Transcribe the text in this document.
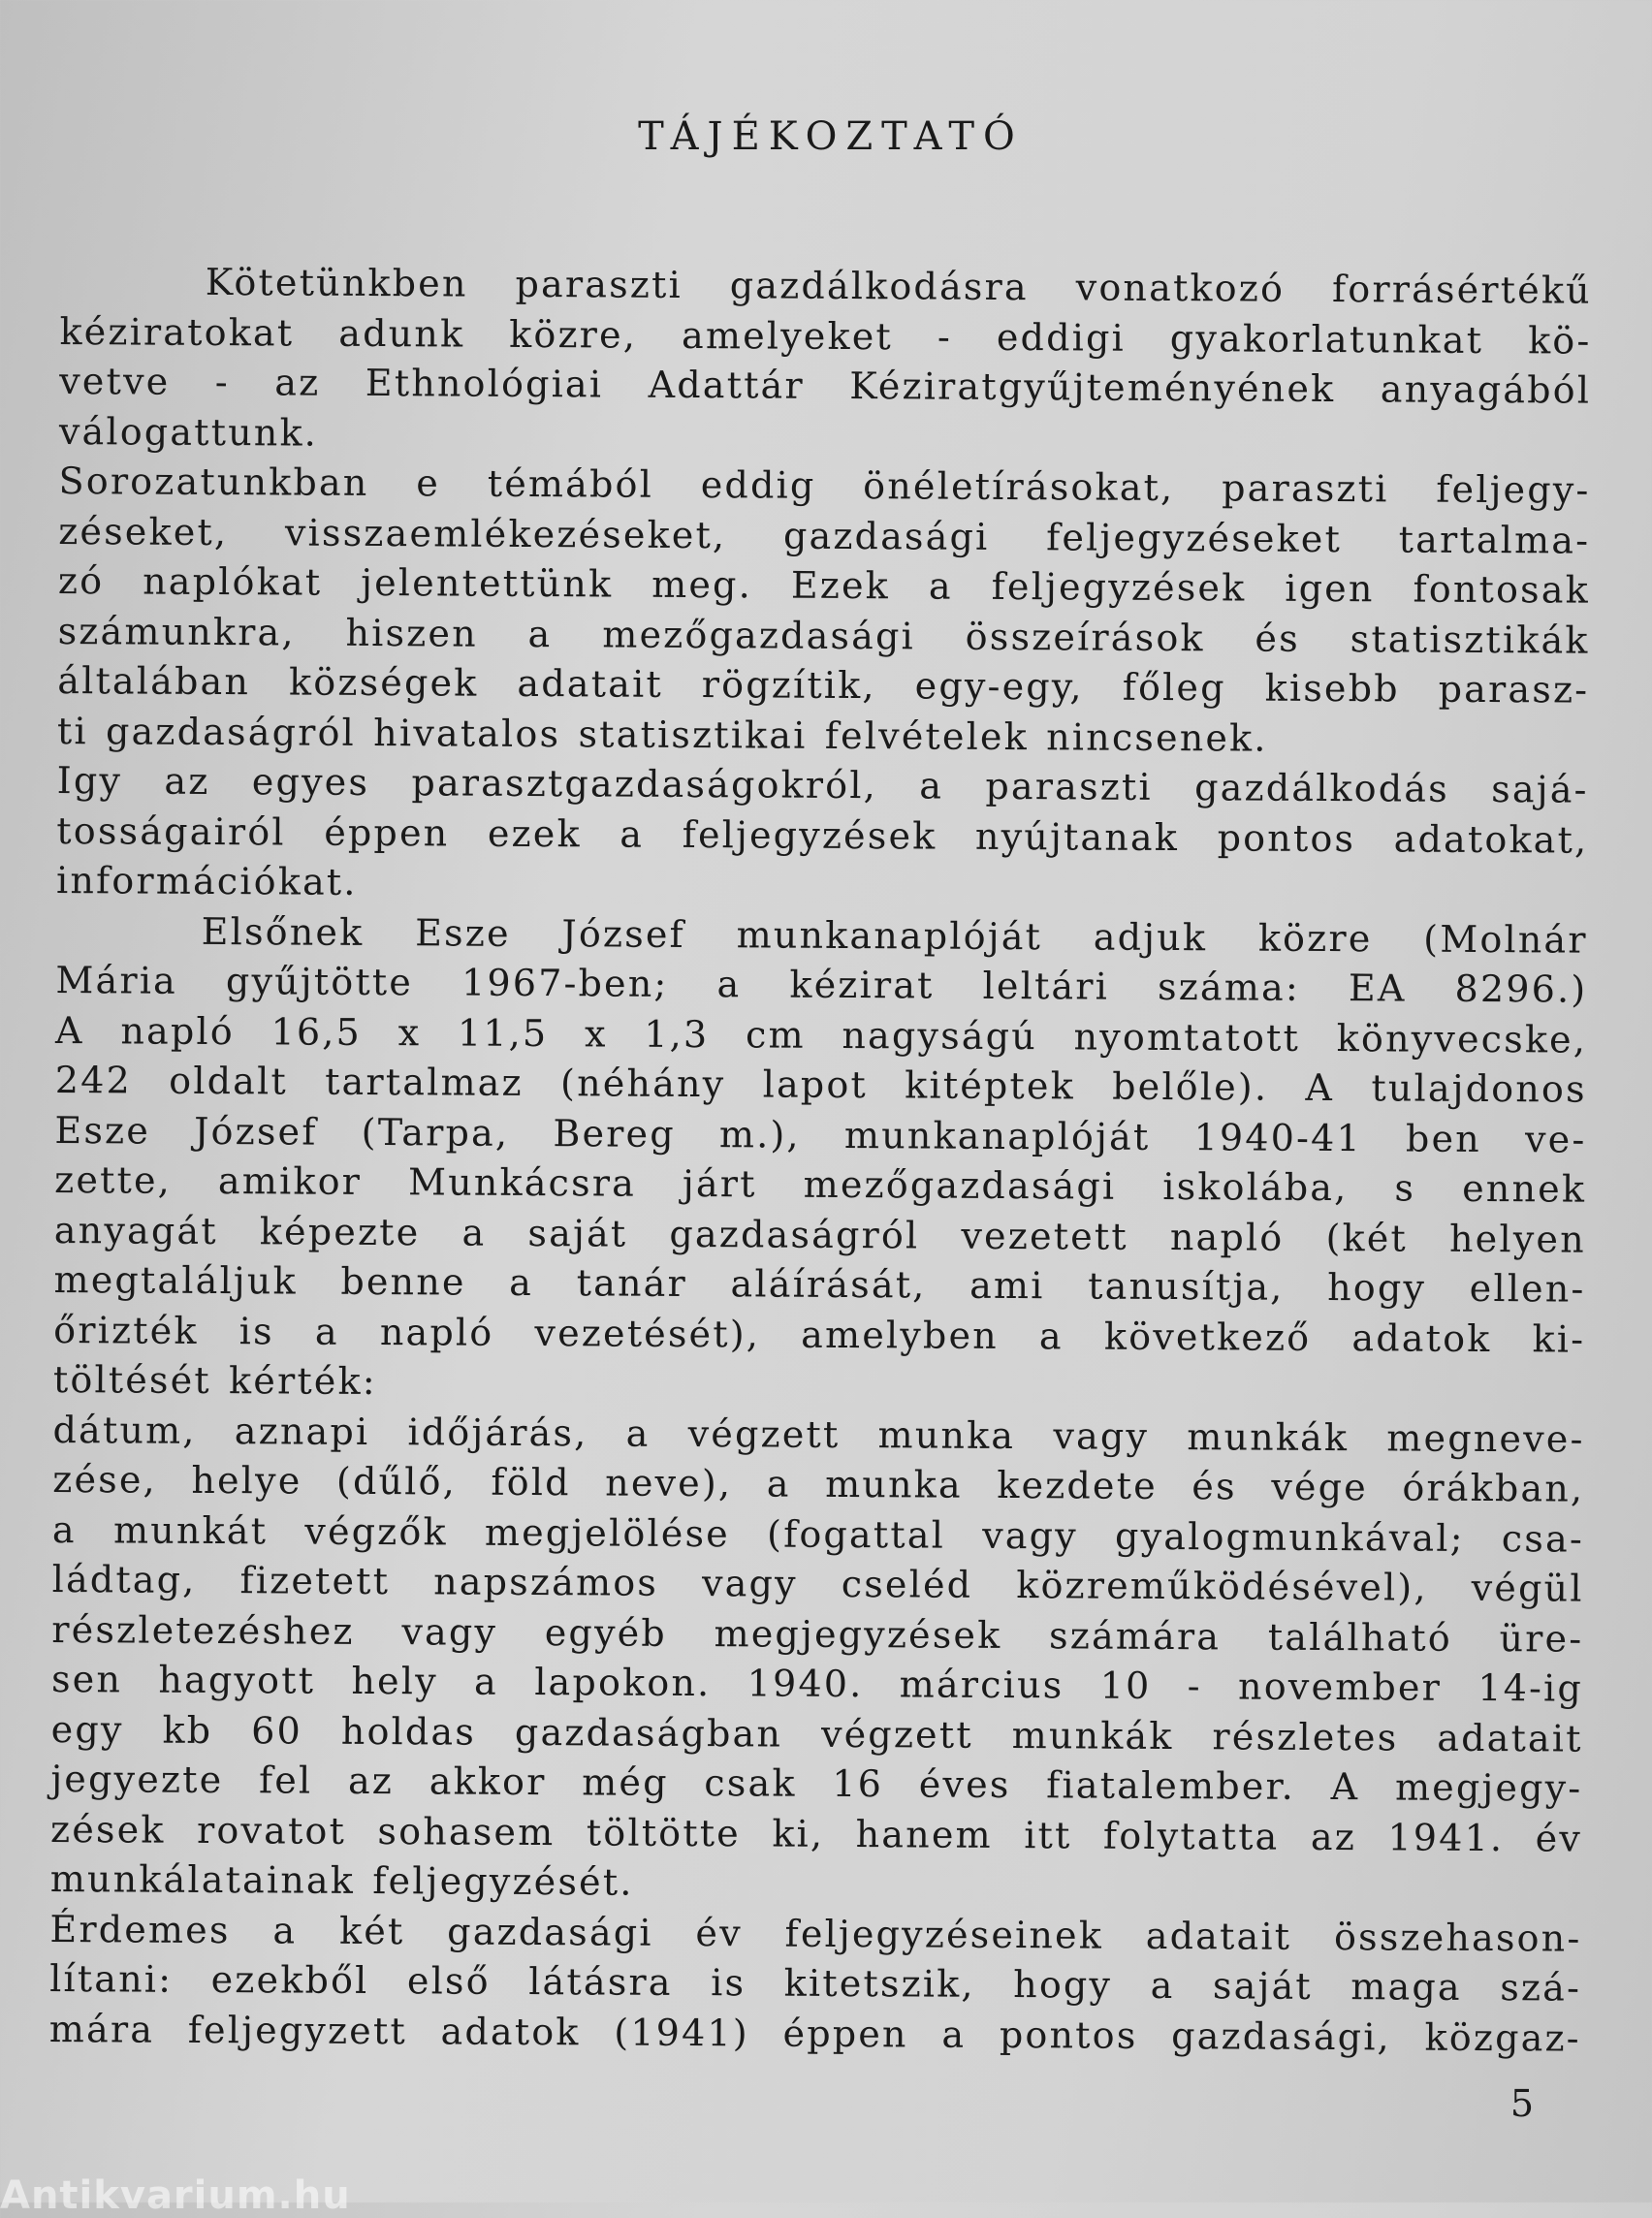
TÁJÉKOZTATÓ
Kötetünkben paraszti gazdálkodásra vonatkozó forrásértékű
kéziratokat adunk közre, amelyeket - eddigi gyakorlatunkat kö-
vetve - az Ethnológiai Adattár Kéziratgyűjteményének anyagából
válogattunk.
Sorozatunkban e témából eddig önéletírásokat, paraszti feljegy-
zéseket, visszaemlékezéseket, gazdasági feljegyzéseket tartalma-
zó naplókat jelentettünk meg. Ezek a feljegyzések igen fontosak
számunkra, hiszen a mezőgazdasági összeírások és statisztikák
általában községek adatait rögzítik, egy-egy, főleg kisebb parasz-
ti gazdaságról hivatalos statisztikai felvételek nincsenek.
Igy az egyes parasztgazdaságokról, a paraszti gazdálkodás sajá-
tosságairól éppen ezek a feljegyzések nyújtanak pontos adatokat,
információkat.
Elsőnek Esze József munkanaplóját adjuk közre (Molnár
Mária gyűjtötte 1967-ben; a kézirat leltári száma: EA 8296.)
A napló 16,5 x 11,5 x 1,3 cm nagyságú nyomtatott könyvecske,
242 oldalt tartalmaz (néhány lapot kitéptek belőle). A tulajdonos
Esze József (Tarpa, Bereg m.), munkanaplóját 1940-41 ben ve-
zette, amikor Munkácsra járt mezőgazdasági iskolába, s ennek
anyagát képezte a saját gazdaságról vezetett napló (két helyen
megtaláljuk benne a tanár aláírását, ami tanusítja, hogy ellen-
őrizték is a napló vezetését), amelyben a következő adatok ki-
töltését kérték:
dátum, aznapi időjárás, a végzett munka vagy munkák megneve-
zése, helye (dűlő, föld neve), a munka kezdete és vége órákban,
a munkát végzők megjelölése (fogattal vagy gyalogmunkával; csa-
ládtag, fizetett napszámos vagy cseléd közreműködésével), végül
részletezéshez vagy egyéb megjegyzések számára található üre-
sen hagyott hely a lapokon. 1940. március 10 - november 14-ig
egy kb 60 holdas gazdaságban végzett munkák részletes adatait
jegyezte fel az akkor még csak 16 éves fiatalember. A megjegy-
zések rovatot sohasem töltötte ki, hanem itt folytatta az 1941. év
munkálatainak feljegyzését.
Érdemes a két gazdasági év feljegyzéseinek adatait összehason-
lítani: ezekből első látásra is kitetszik, hogy a saját maga szá-
mára feljegyzett adatok (1941) éppen a pontos gazdasági, közgaz-
5
Antikvarium.hu
